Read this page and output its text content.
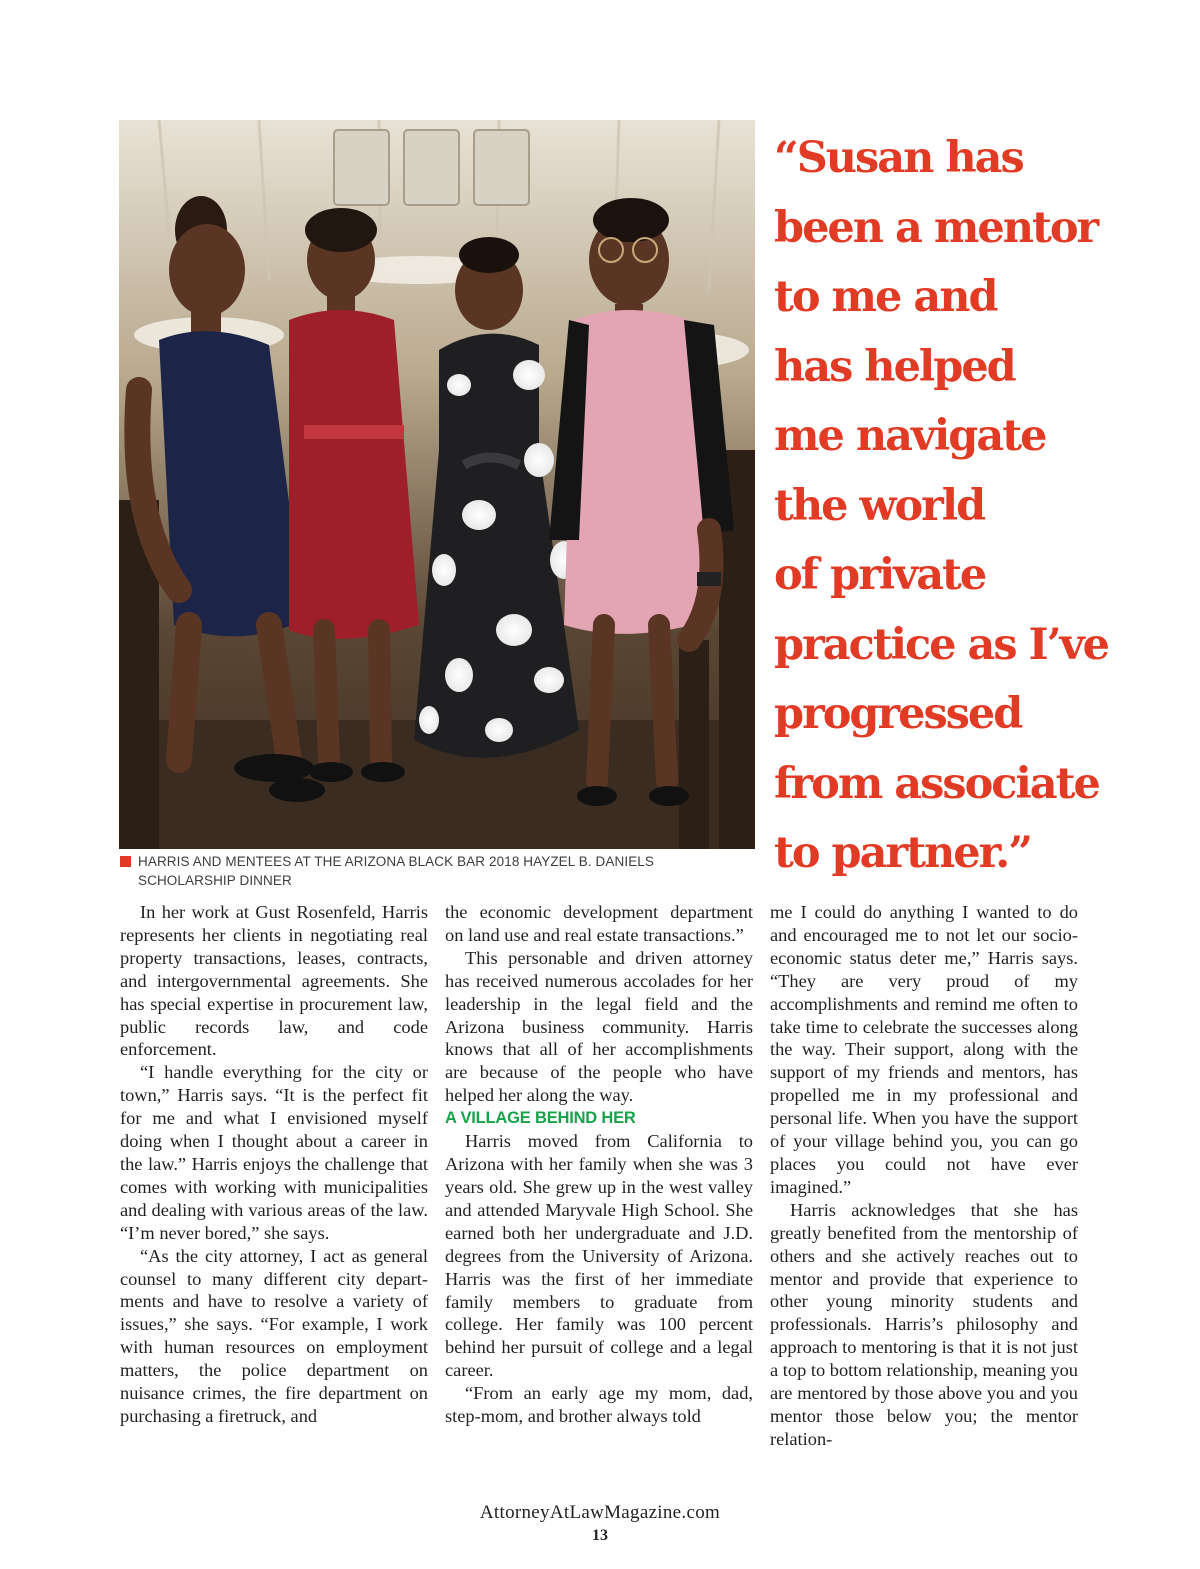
HARRIS AND MENTEES AT THE ARIZONA BLACK BAR 2018 HAYZEL B. DANIELS
SCHOLARSHIP DINNER
“Susan has
been a mentor
to me and
has helped
me navigate
the world
of private
practice as I’ve
progressed
from associate
to partner.”

In her work at Gust Rosenfeld, Harris represents her clients in negotiating real property transactions, leases, contracts, and intergovernmental agreements. She has special expertise in procurement law, public records law, and code enforcement.

“I handle everything for the city or town,” Harris says. “It is the perfect fit for me and what I envisioned myself doing when I thought about a career in the law.” Harris enjoys the challenge that comes with working with municipalities and dealing with various areas of the law. “I’m never bored,” she says.

“As the city attorney, I act as general counsel to many different city departments and have to resolve a variety of issues,” she says. “For example, I work with human resources on employment matters, the police department on nuisance crimes, the fire department on purchasing a firetruck, and

the economic development department on land use and real estate transactions.”

This personable and driven attorney has received numerous accolades for her leadership in the legal field and the Arizona business community. Harris knows that all of her accomplishments are because of the people who have helped her along the way.

A VILLAGE BEHIND HER

Harris moved from California to Arizona with her family when she was 3 years old. She grew up in the west valley and attended Maryvale High School. She earned both her undergraduate and J.D. degrees from the University of Arizona. Harris was the first of her immediate family members to graduate from college. Her family was 100 percent behind her pursuit of college and a legal career.

“From an early age my mom, dad, step-mom, and brother always told

me I could do anything I wanted to do and encouraged me to not let our socio-economic status deter me,” Harris says. “They are very proud of my accomplishments and remind me often to take time to celebrate the successes along the way. Their support, along with the support of my friends and mentors, has propelled me in my professional and personal life. When you have the support of your village behind you, you can go places you could not have ever imagined.”

Harris acknowledges that she has greatly benefited from the mentorship of others and she actively reaches out to mentor and provide that experience to other young minority students and professionals. Harris’s philosophy and approach to mentoring is that it is not just a top to bottom relationship, meaning you are mentored by those above you and you mentor those below you; the mentor relation-

AttorneyAtLawMagazine.com
13
